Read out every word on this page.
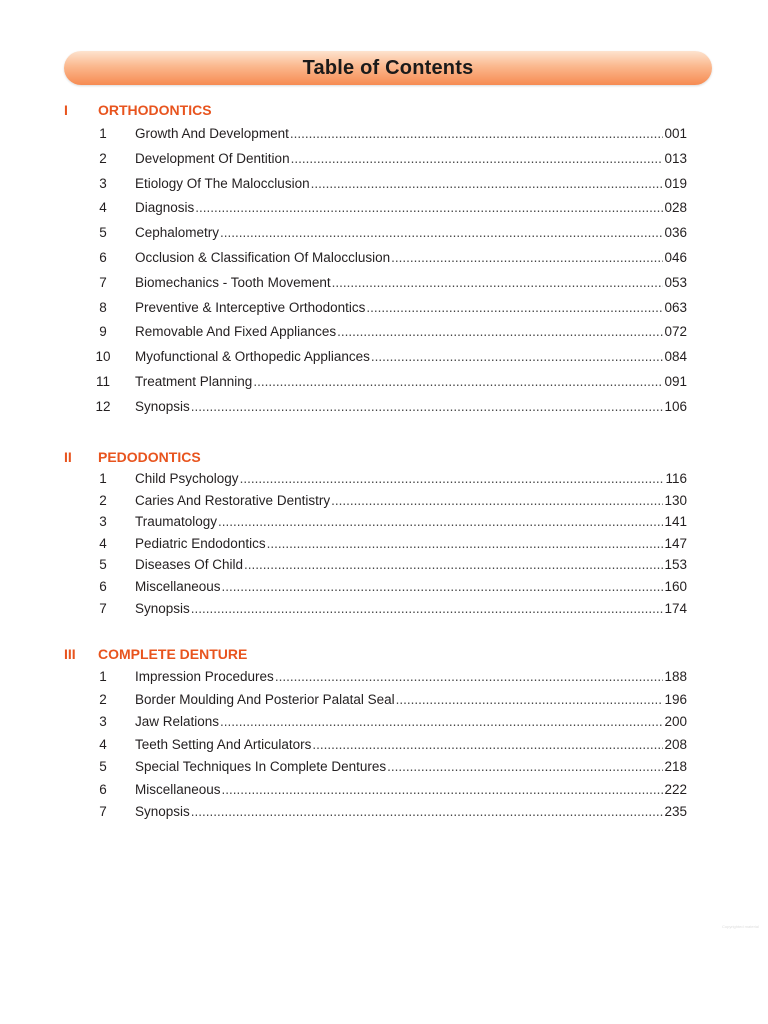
Table of Contents
I ORTHODONTICS
1	Growth And Development .....	001
2	Development Of Dentition .....	013
3	Etiology Of The Malocclusion .....	019
4	Diagnosis .....	028
5	Cephalometry .....	036
6	Occlusion & Classification Of Malocclusion .....	046
7	Biomechanics - Tooth Movement .....	053
8	Preventive & Interceptive Orthodontics .....	063
9	Removable And Fixed Appliances .....	072
10	Myofunctional & Orthopedic Appliances .....	084
11	Treatment Planning .....	091
12	Synopsis .....	106
II PEDODONTICS
1	Child Psychology .....	116
2	Caries And Restorative Dentistry .....	130
3	Traumatology .....	141
4	Pediatric Endodontics .....	147
5	Diseases Of Child .....	153
6	Miscellaneous .....	160
7	Synopsis .....	174
III COMPLETE DENTURE
1	Impression Procedures .....	188
2	Border Moulding And Posterior Palatal Seal .....	196
3	Jaw Relations .....	200
4	Teeth Setting And Articulators .....	208
5	Special Techniques In Complete Dentures .....	218
6	Miscellaneous .....	222
7	Synopsis .....	235
Copyrighted material
